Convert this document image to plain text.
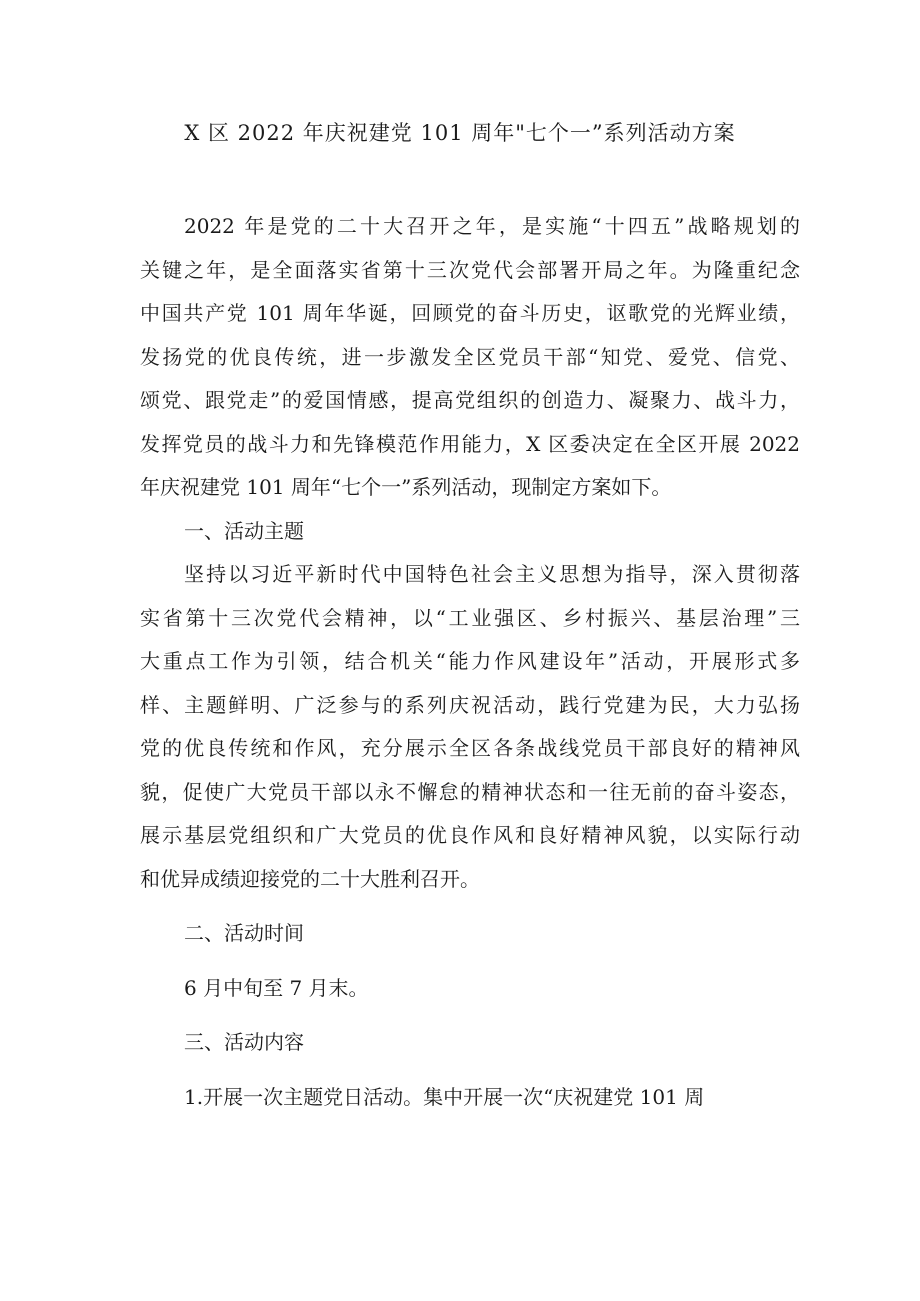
X 区 2022 年庆祝建党 101 周年"七个一”系列活动方案

2022 年是党的二十大召开之年，是实施“十四五”战略规划的
关键之年，是全面落实省第十三次党代会部署开局之年。为隆重纪念
中国共产党 101 周年华诞，回顾党的奋斗历史，讴歌党的光辉业绩，
发扬党的优良传统，进一步激发全区党员干部“知党、爱党、信党、
颂党、跟党走”的爱国情感，提高党组织的创造力、凝聚力、战斗力，
发挥党员的战斗力和先锋模范作用能力，X 区委决定在全区开展 2022
年庆祝建党 101 周年“七个一”系列活动，现制定方案如下。

一、活动主题

坚持以习近平新时代中国特色社会主义思想为指导，深入贯彻落
实省第十三次党代会精神，以“工业强区、乡村振兴、基层治理”三
大重点工作为引领，结合机关“能力作风建设年”活动，开展形式多
样、主题鲜明、广泛参与的系列庆祝活动，践行党建为民，大力弘扬
党的优良传统和作风，充分展示全区各条战线党员干部良好的精神风
貌，促使广大党员干部以永不懈怠的精神状态和一往无前的奋斗姿态，
展示基层党组织和广大党员的优良作风和良好精神风貌，以实际行动
和优异成绩迎接党的二十大胜利召开。

二、活动时间
6 月中旬至 7 月末。
三、活动内容
1.开展一次主题党日活动。集中开展一次“庆祝建党 101 周
